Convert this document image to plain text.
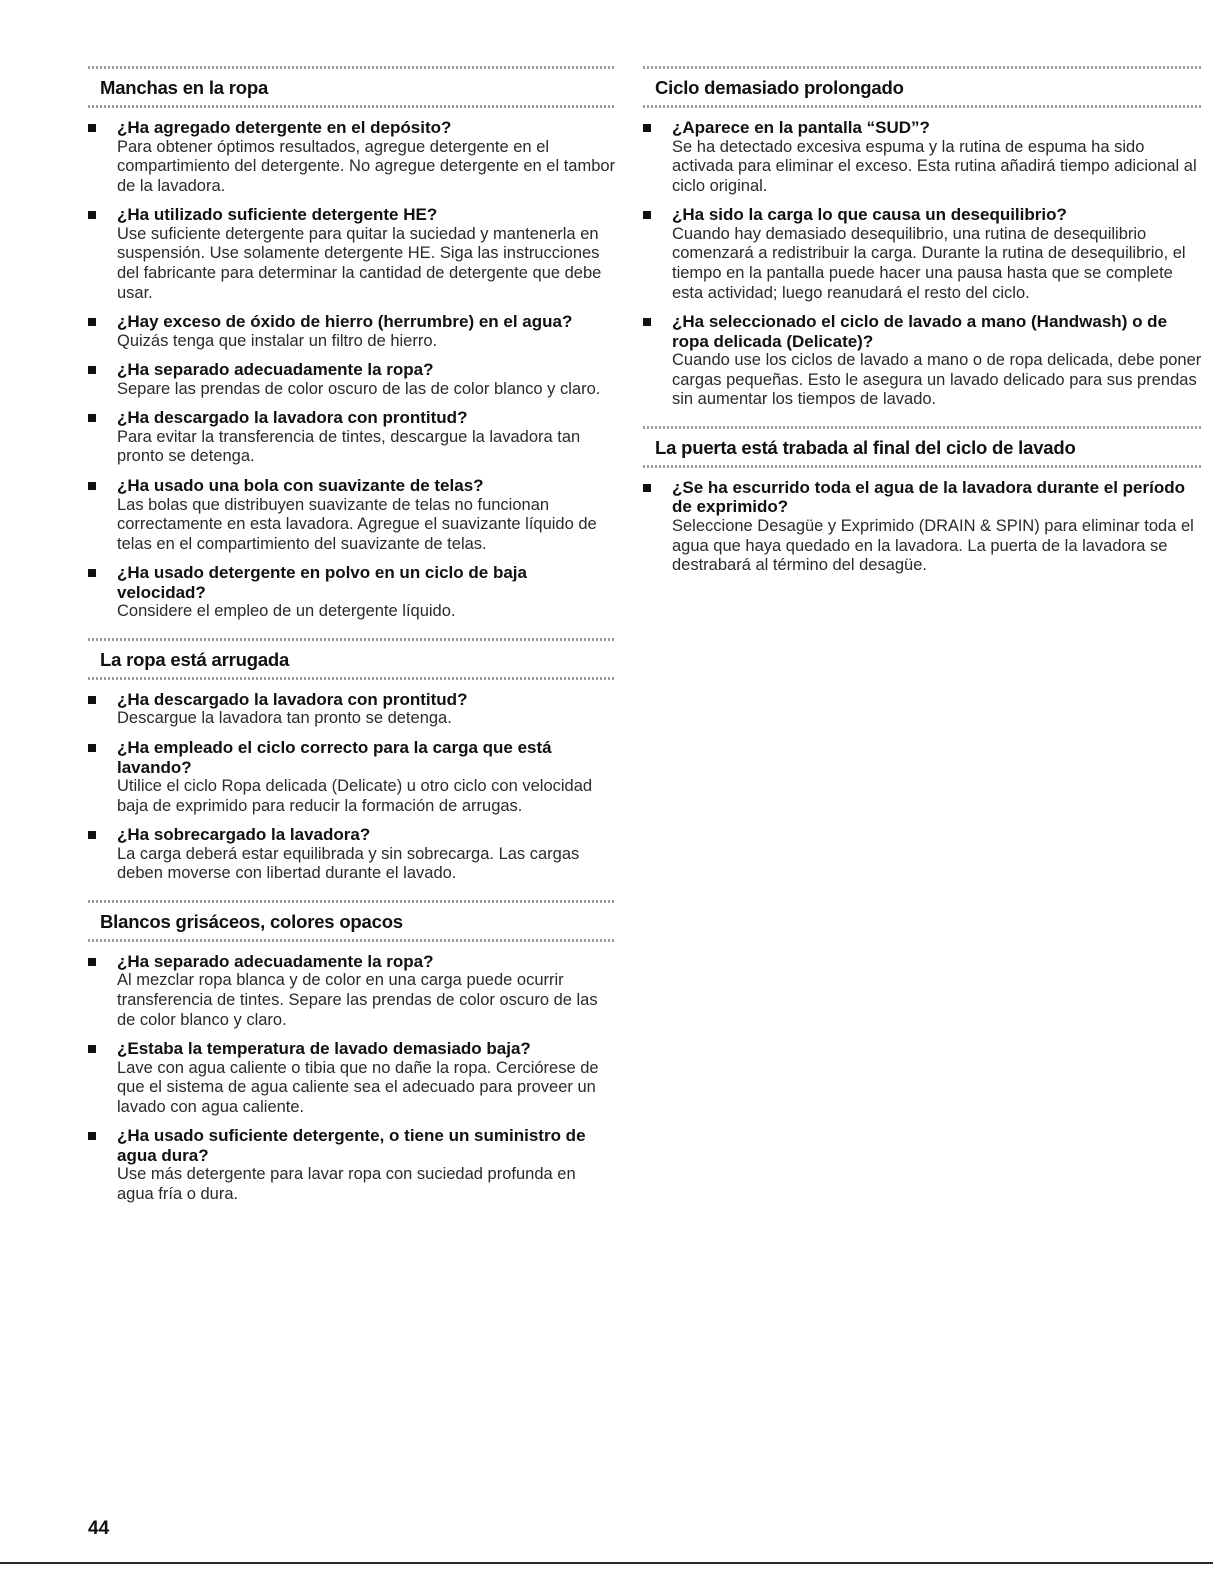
Manchas en la ropa
¿Ha agregado detergente en el depósito?
Para obtener óptimos resultados, agregue detergente en el compartimiento del detergente. No agregue detergente en el tambor de la lavadora.
¿Ha utilizado suficiente detergente HE?
Use suficiente detergente para quitar la suciedad y mantenerla en suspensión. Use solamente detergente HE. Siga las instrucciones del fabricante para determinar la cantidad de detergente que debe usar.
¿Hay exceso de óxido de hierro (herrumbre) en el agua?
Quizás tenga que instalar un filtro de hierro.
¿Ha separado adecuadamente la ropa?
Separe las prendas de color oscuro de las de color blanco y claro.
¿Ha descargado la lavadora con prontitud?
Para evitar la transferencia de tintes, descargue la lavadora tan pronto se detenga.
¿Ha usado una bola con suavizante de telas?
Las bolas que distribuyen suavizante de telas no funcionan correctamente en esta lavadora. Agregue el suavizante líquido de telas en el compartimiento del suavizante de telas.
¿Ha usado detergente en polvo en un ciclo de baja velocidad?
Considere el empleo de un detergente líquido.
La ropa está arrugada
¿Ha descargado la lavadora con prontitud?
Descargue la lavadora tan pronto se detenga.
¿Ha empleado el ciclo correcto para la carga que está lavando?
Utilice el ciclo Ropa delicada (Delicate) u otro ciclo con velocidad baja de exprimido para reducir la formación de arrugas.
¿Ha sobrecargado la lavadora?
La carga deberá estar equilibrada y sin sobrecarga. Las cargas deben moverse con libertad durante el lavado.
Blancos grisáceos, colores opacos
¿Ha separado adecuadamente la ropa?
Al mezclar ropa blanca y de color en una carga puede ocurrir transferencia de tintes. Separe las prendas de color oscuro de las de color blanco y claro.
¿Estaba la temperatura de lavado demasiado baja?
Lave con agua caliente o tibia que no dañe la ropa. Cerciórese de que el sistema de agua caliente sea el adecuado para proveer un lavado con agua caliente.
¿Ha usado suficiente detergente, o tiene un suministro de agua dura?
Use más detergente para lavar ropa con suciedad profunda en agua fría o dura.
Ciclo demasiado prolongado
¿Aparece en la pantalla “SUD”?
Se ha detectado excesiva espuma y la rutina de espuma ha sido activada para eliminar el exceso. Esta rutina añadirá tiempo adicional al ciclo original.
¿Ha sido la carga lo que causa un desequilibrio?
Cuando hay demasiado desequilibrio, una rutina de desequilibrio comenzará a redistribuir la carga. Durante la rutina de desequilibrio, el tiempo en la pantalla puede hacer una pausa hasta que se complete esta actividad; luego reanudará el resto del ciclo.
¿Ha seleccionado el ciclo de lavado a mano (Handwash) o de ropa delicada (Delicate)?
Cuando use los ciclos de lavado a mano o de ropa delicada, debe poner cargas pequeñas. Esto le asegura un lavado delicado para sus prendas sin aumentar los tiempos de lavado.
La puerta está trabada al final del ciclo de lavado
¿Se ha escurrido toda el agua de la lavadora durante el período de exprimido?
Seleccione Desagüe y Exprimido (DRAIN & SPIN) para eliminar toda el agua que haya quedado en la lavadora. La puerta de la lavadora se destrabará al término del desagüe.
44
